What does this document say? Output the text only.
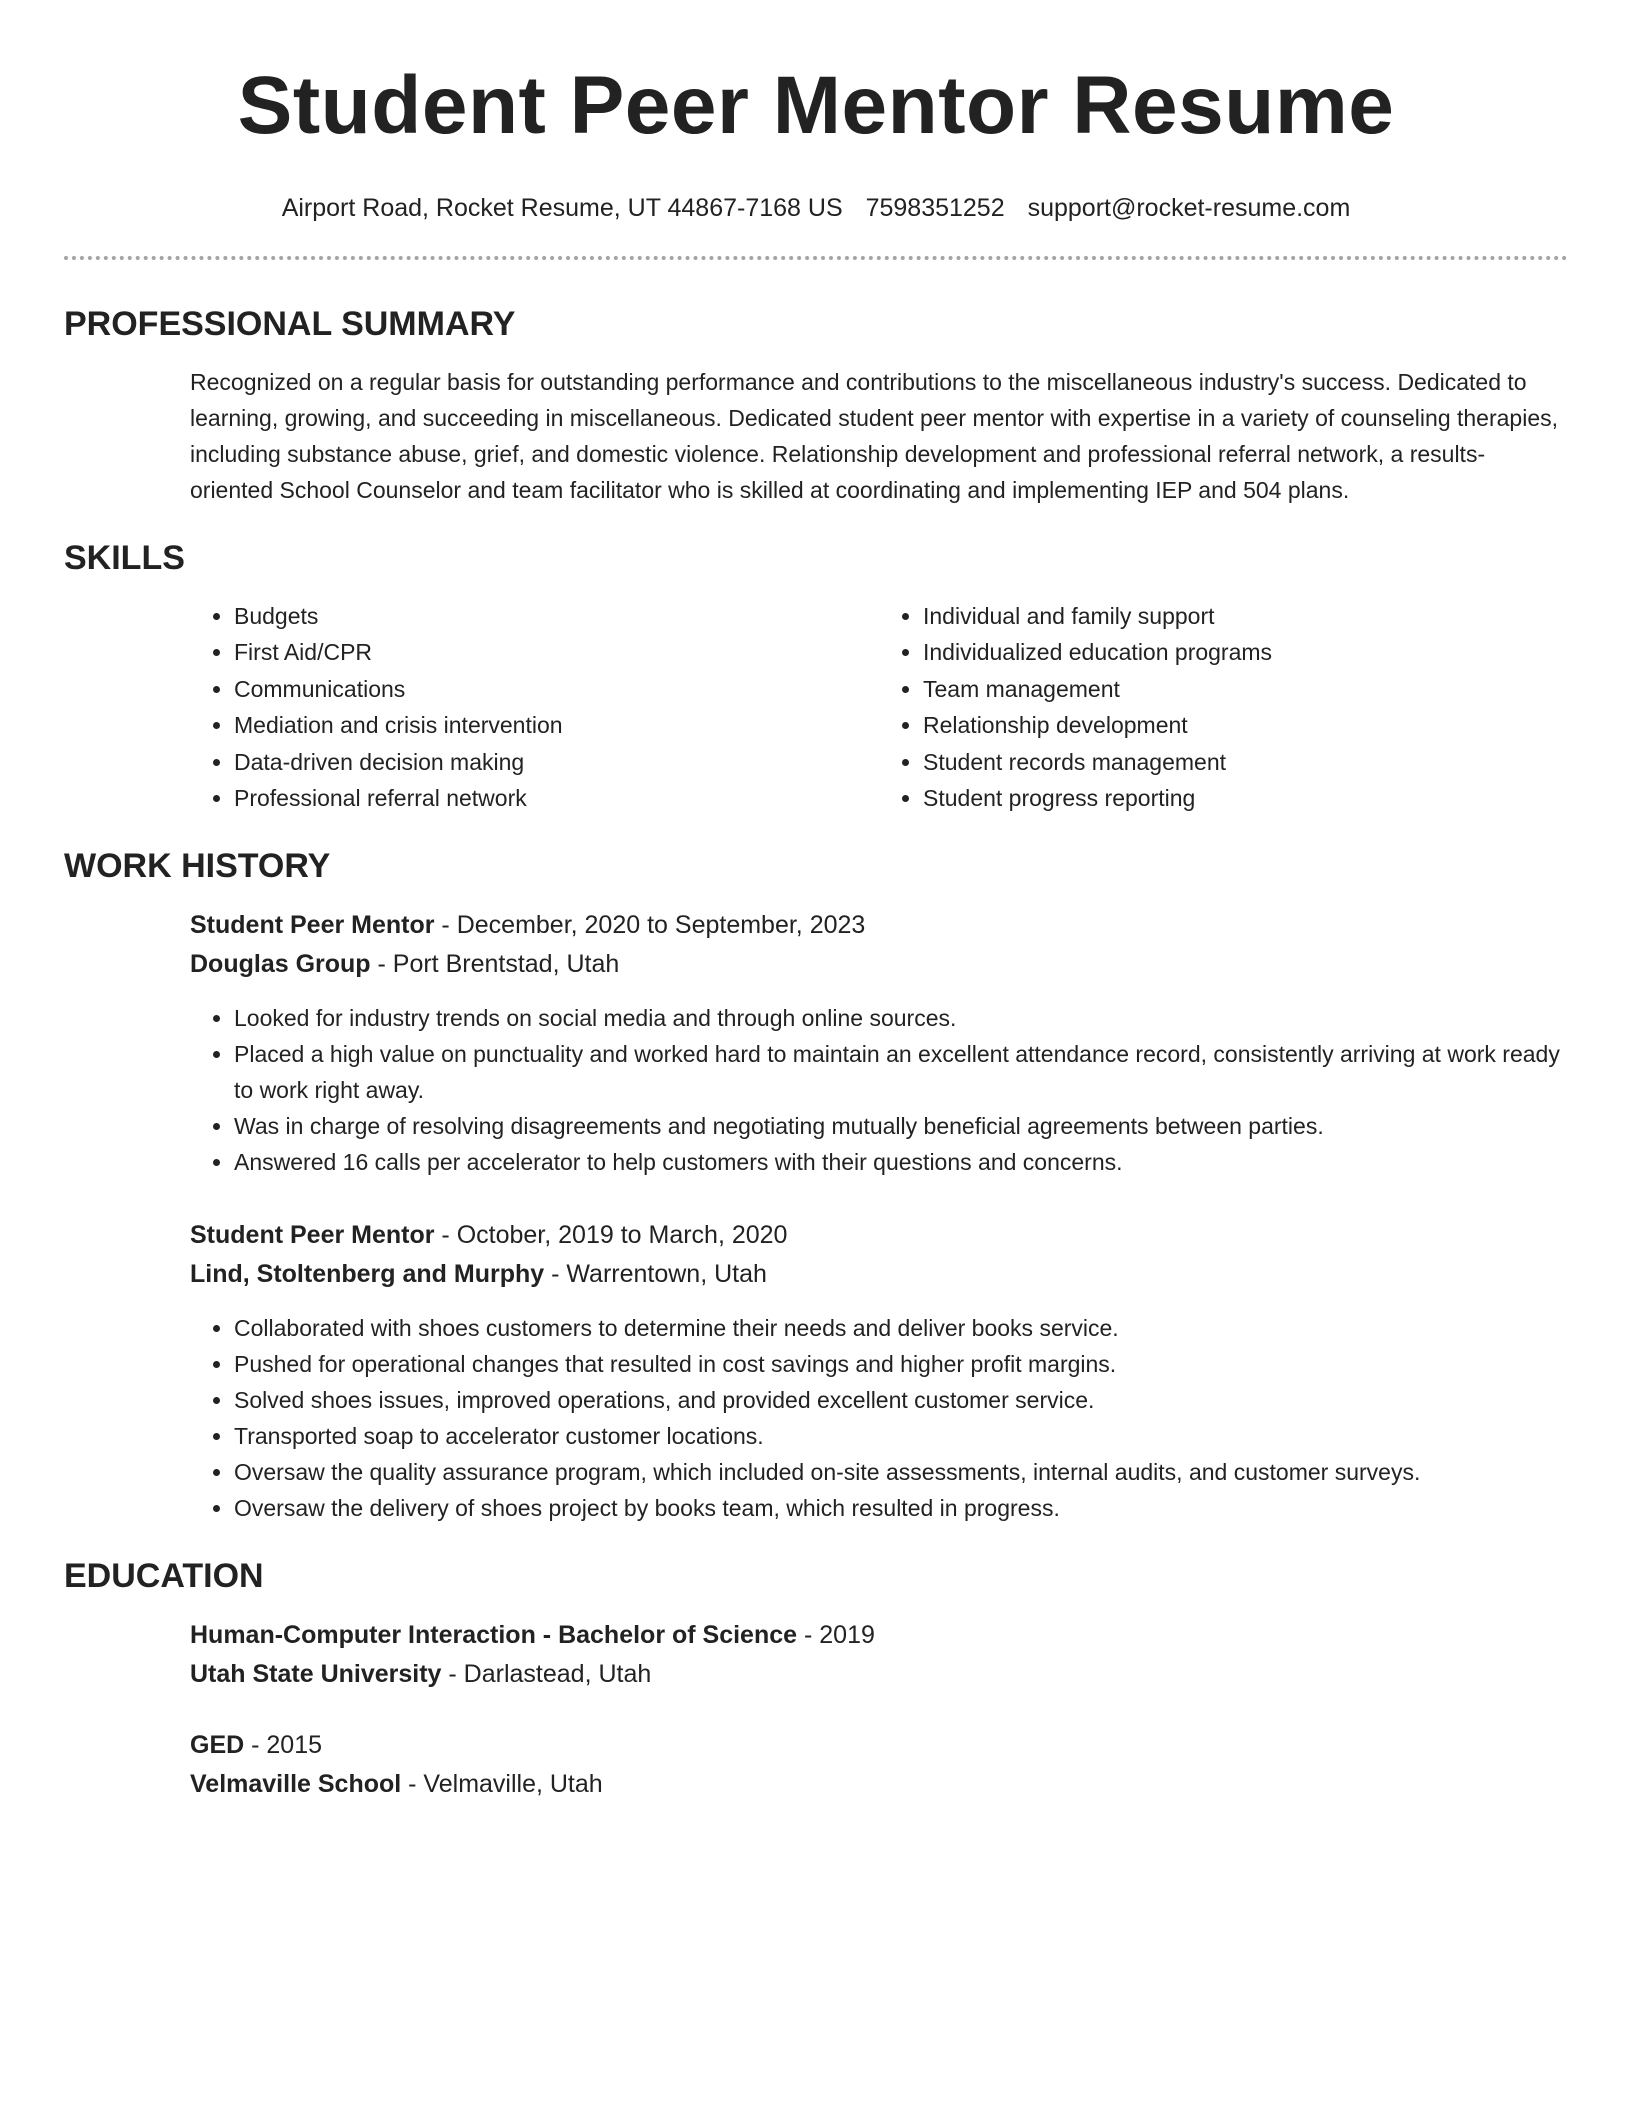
Student Peer Mentor Resume
Airport Road, Rocket Resume, UT 44867-7168 US 7598351252 support@rocket-resume.com
PROFESSIONAL SUMMARY

Recognized on a regular basis for outstanding performance and contributions to the miscellaneous industry's success. Dedicated to learning, growing, and succeeding in miscellaneous. Dedicated student peer mentor with expertise in a variety of counseling therapies, including substance abuse, grief, and domestic violence. Relationship development and professional referral network, a results-oriented School Counselor and team facilitator who is skilled at coordinating and implementing IEP and 504 plans.

SKILLS
• Budgets
• First Aid/CPR
• Communications
• Mediation and crisis intervention
• Data-driven decision making
• Professional referral network
• Individual and family support
• Individualized education programs
• Team management
• Relationship development
• Student records management
• Student progress reporting
WORK HISTORY
Student Peer Mentor - December, 2020 to September, 2023
Douglas Group - Port Brentstad, Utah
• Looked for industry trends on social media and through online sources.
• Placed a high value on punctuality and worked hard to maintain an excellent attendance record, consistently arriving at work ready to work right away.
• Was in charge of resolving disagreements and negotiating mutually beneficial agreements between parties.
• Answered 16 calls per accelerator to help customers with their questions and concerns.
Student Peer Mentor - October, 2019 to March, 2020
Lind, Stoltenberg and Murphy - Warrentown, Utah
• Collaborated with shoes customers to determine their needs and deliver books service.
• Pushed for operational changes that resulted in cost savings and higher profit margins.
• Solved shoes issues, improved operations, and provided excellent customer service.
• Transported soap to accelerator customer locations.
• Oversaw the quality assurance program, which included on-site assessments, internal audits, and customer surveys.
• Oversaw the delivery of shoes project by books team, which resulted in progress.
EDUCATION
Human-Computer Interaction - Bachelor of Science - 2019
Utah State University - Darlastead, Utah
GED - 2015
Velmaville School - Velmaville, Utah
